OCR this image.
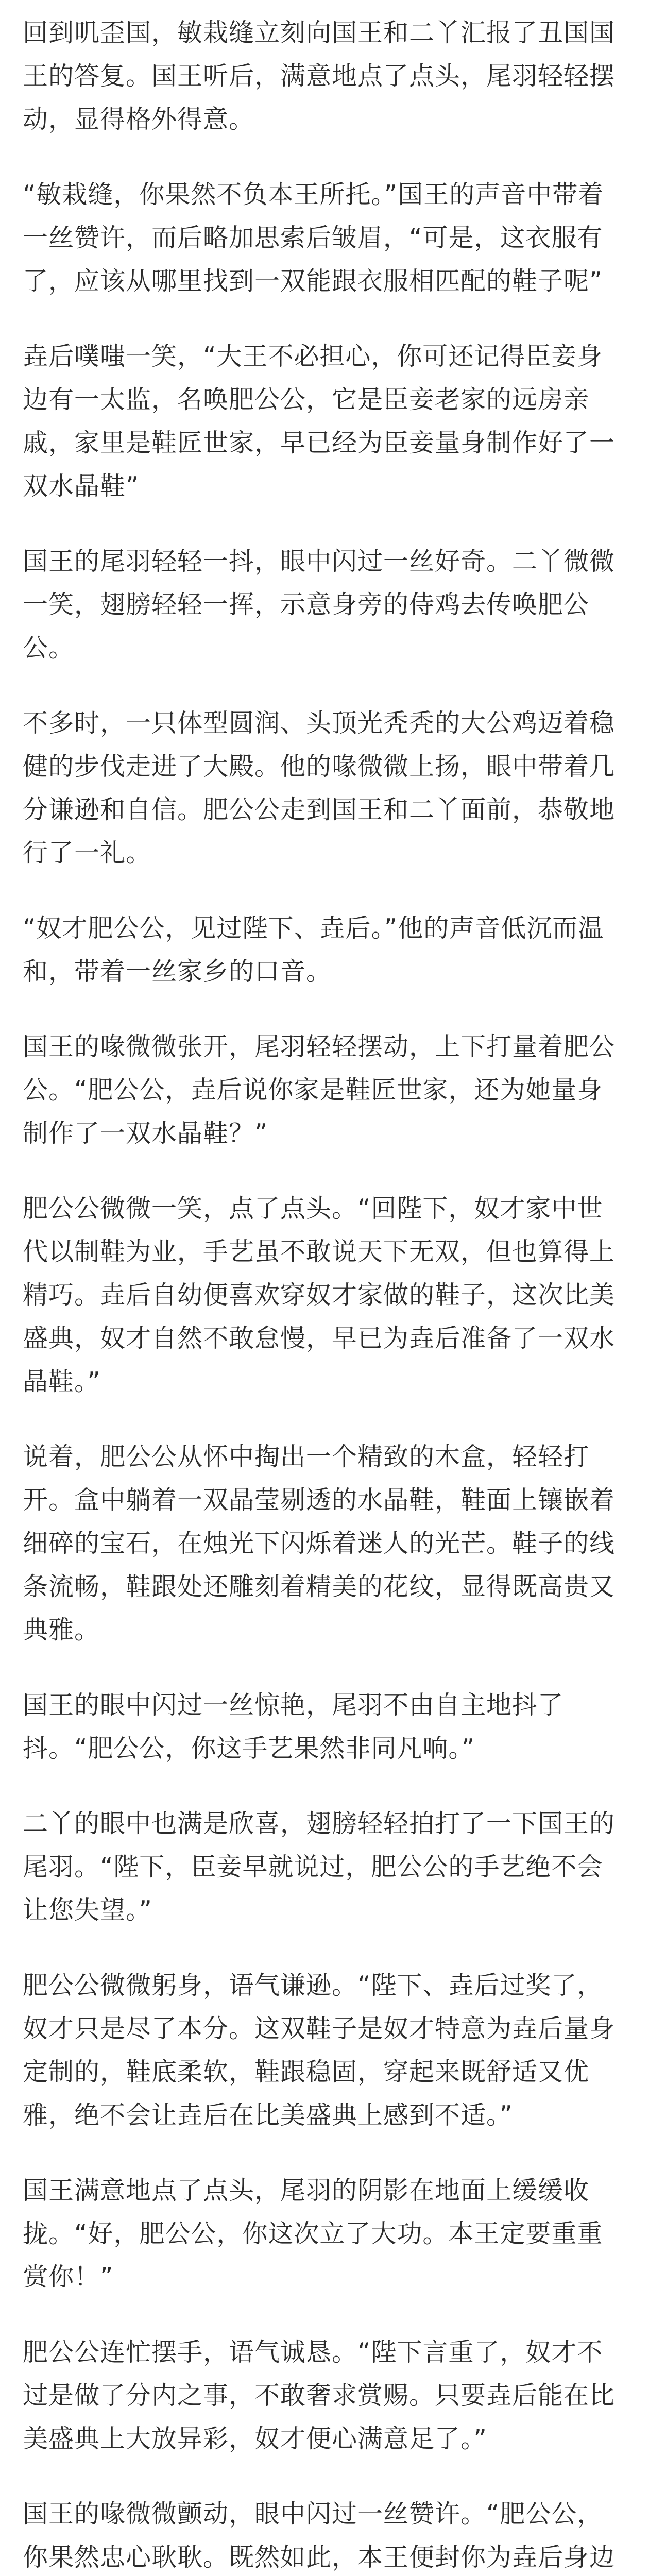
回到叽歪国，敏栽缝立刻向国王和二丫汇报了丑国国王的答复。国王听后，满意地点了点头，尾羽轻轻摆动，显得格外得意。

“敏栽缝，你果然不负本王所托。”国王的声音中带着一丝赞许，而后略加思索后皱眉，“可是，这衣服有了，应该从哪里找到一双能跟衣服相匹配的鞋子呢”

垚后噗嗤一笑，“大王不必担心，你可还记得臣妾身边有一太监，名唤肥公公，它是臣妾老家的远房亲戚，家里是鞋匠世家，早已经为臣妾量身制作好了一双水晶鞋”

国王的尾羽轻轻一抖，眼中闪过一丝好奇。二丫微微一笑，翅膀轻轻一挥，示意身旁的侍鸡去传唤肥公公。

不多时，一只体型圆润、头顶光秃秃的大公鸡迈着稳健的步伐走进了大殿。他的喙微微上扬，眼中带着几分谦逊和自信。肥公公走到国王和二丫面前，恭敬地行了一礼。

“奴才肥公公，见过陛下、垚后。”他的声音低沉而温和，带着一丝家乡的口音。

国王的喙微微张开，尾羽轻轻摆动，上下打量着肥公公。“肥公公，垚后说你家是鞋匠世家，还为她量身制作了一双水晶鞋？”

肥公公微微一笑，点了点头。“回陛下，奴才家中世代以制鞋为业，手艺虽不敢说天下无双，但也算得上精巧。垚后自幼便喜欢穿奴才家做的鞋子，这次比美盛典，奴才自然不敢怠慢，早已为垚后准备了一双水晶鞋。”

说着，肥公公从怀中掏出一个精致的木盒，轻轻打开。盒中躺着一双晶莹剔透的水晶鞋，鞋面上镶嵌着细碎的宝石，在烛光下闪烁着迷人的光芒。鞋子的线条流畅，鞋跟处还雕刻着精美的花纹，显得既高贵又典雅。

国王的眼中闪过一丝惊艳，尾羽不由自主地抖了抖。“肥公公，你这手艺果然非同凡响。”

二丫的眼中也满是欣喜，翅膀轻轻拍打了一下国王的尾羽。“陛下，臣妾早就说过，肥公公的手艺绝不会让您失望。”

肥公公微微躬身，语气谦逊。“陛下、垚后过奖了，奴才只是尽了本分。这双鞋子是奴才特意为垚后量身定制的，鞋底柔软，鞋跟稳固，穿起来既舒适又优雅，绝不会让垚后在比美盛典上感到不适。”

国王满意地点了点头，尾羽的阴影在地面上缓缓收拢。“好，肥公公，你这次立了大功。本王定要重重赏你！”

肥公公连忙摆手，语气诚恳。“陛下言重了，奴才不过是做了分内之事，不敢奢求赏赐。只要垚后能在比美盛典上大放异彩，奴才便心满意足了。”

国王的喙微微颤动，眼中闪过一丝赞许。“肥公公，你果然忠心耿耿。既然如此，本王便封你为垚后身边
